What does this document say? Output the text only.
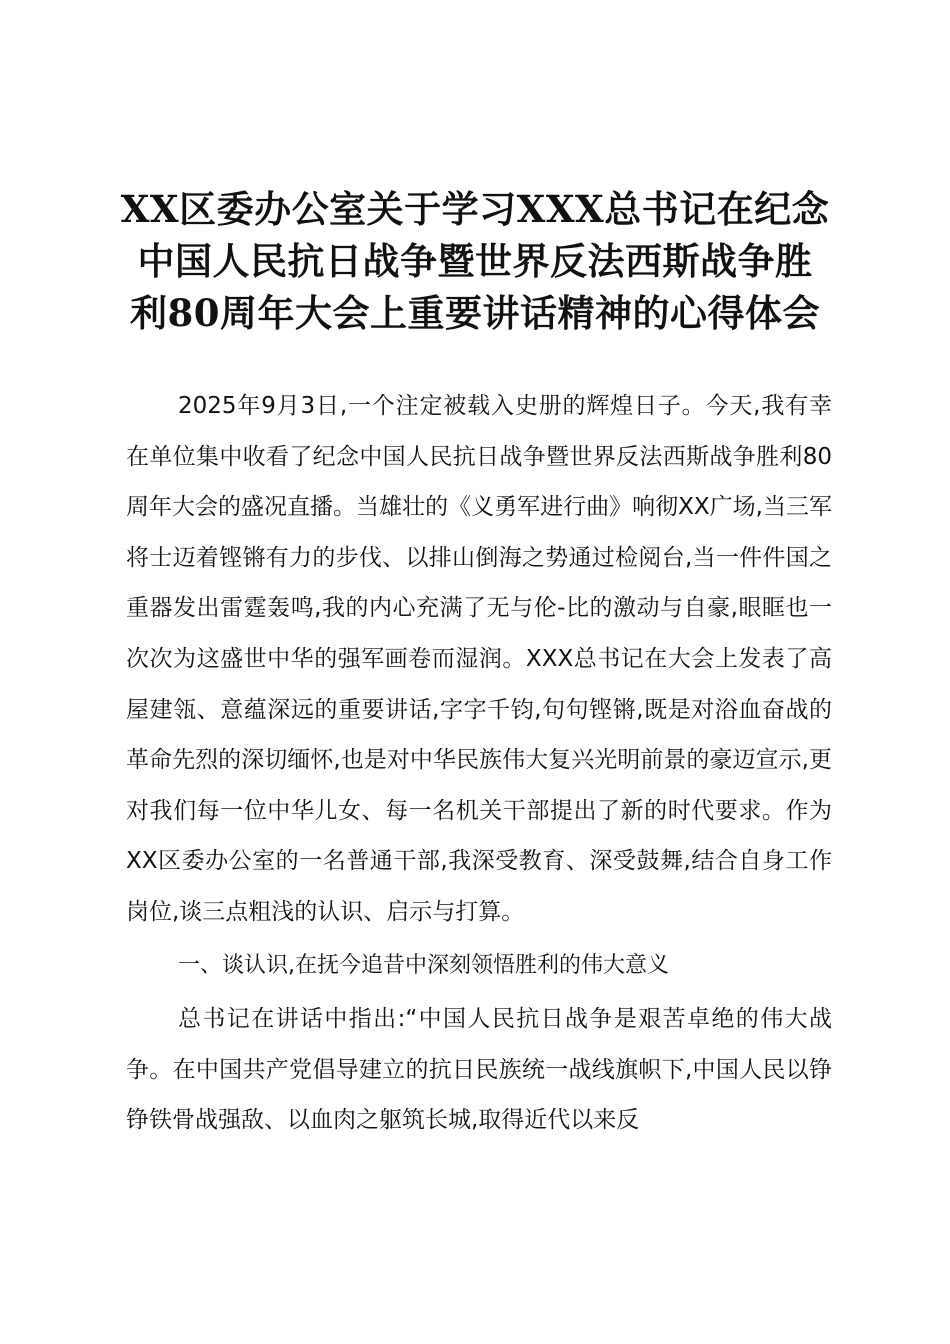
XX区委办公室关于学习XXX总书记在纪念中国人民抗日战争暨世界反法西斯战争胜利80周年大会上重要讲话精神的心得体会

2025年9月3日,一个注定被载入史册的辉煌日子。今天,我有幸在单位集中收看了纪念中国人民抗日战争暨世界反法西斯战争胜利80周年大会的盛况直播。当雄壮的《义勇军进行曲》响彻XX广场,当三军将士迈着铿锵有力的步伐、以排山倒海之势通过检阅台,当一件件国之重器发出雷霆轰鸣,我的内心充满了无与伦-比的激动与自豪,眼眶也一次次为这盛世中华的强军画卷而湿润。XXX总书记在大会上发表了高屋建瓴、意蕴深远的重要讲话,字字千钧,句句铿锵,既是对浴血奋战的革命先烈的深切缅怀,也是对中华民族伟大复兴光明前景的豪迈宣示,更对我们每一位中华儿女、每一名机关干部提出了新的时代要求。作为XX区委办公室的一名普通干部,我深受教育、深受鼓舞,结合自身工作岗位,谈三点粗浅的认识、启示与打算。

一、谈认识,在抚今追昔中深刻领悟胜利的伟大意义

总书记在讲话中指出:“中国人民抗日战争是艰苦卓绝的伟大战争。在中国共产党倡导建立的抗日民族统一战线旗帜下,中国人民以铮铮铁骨战强敌、以血肉之躯筑长城,取得近代以来反
